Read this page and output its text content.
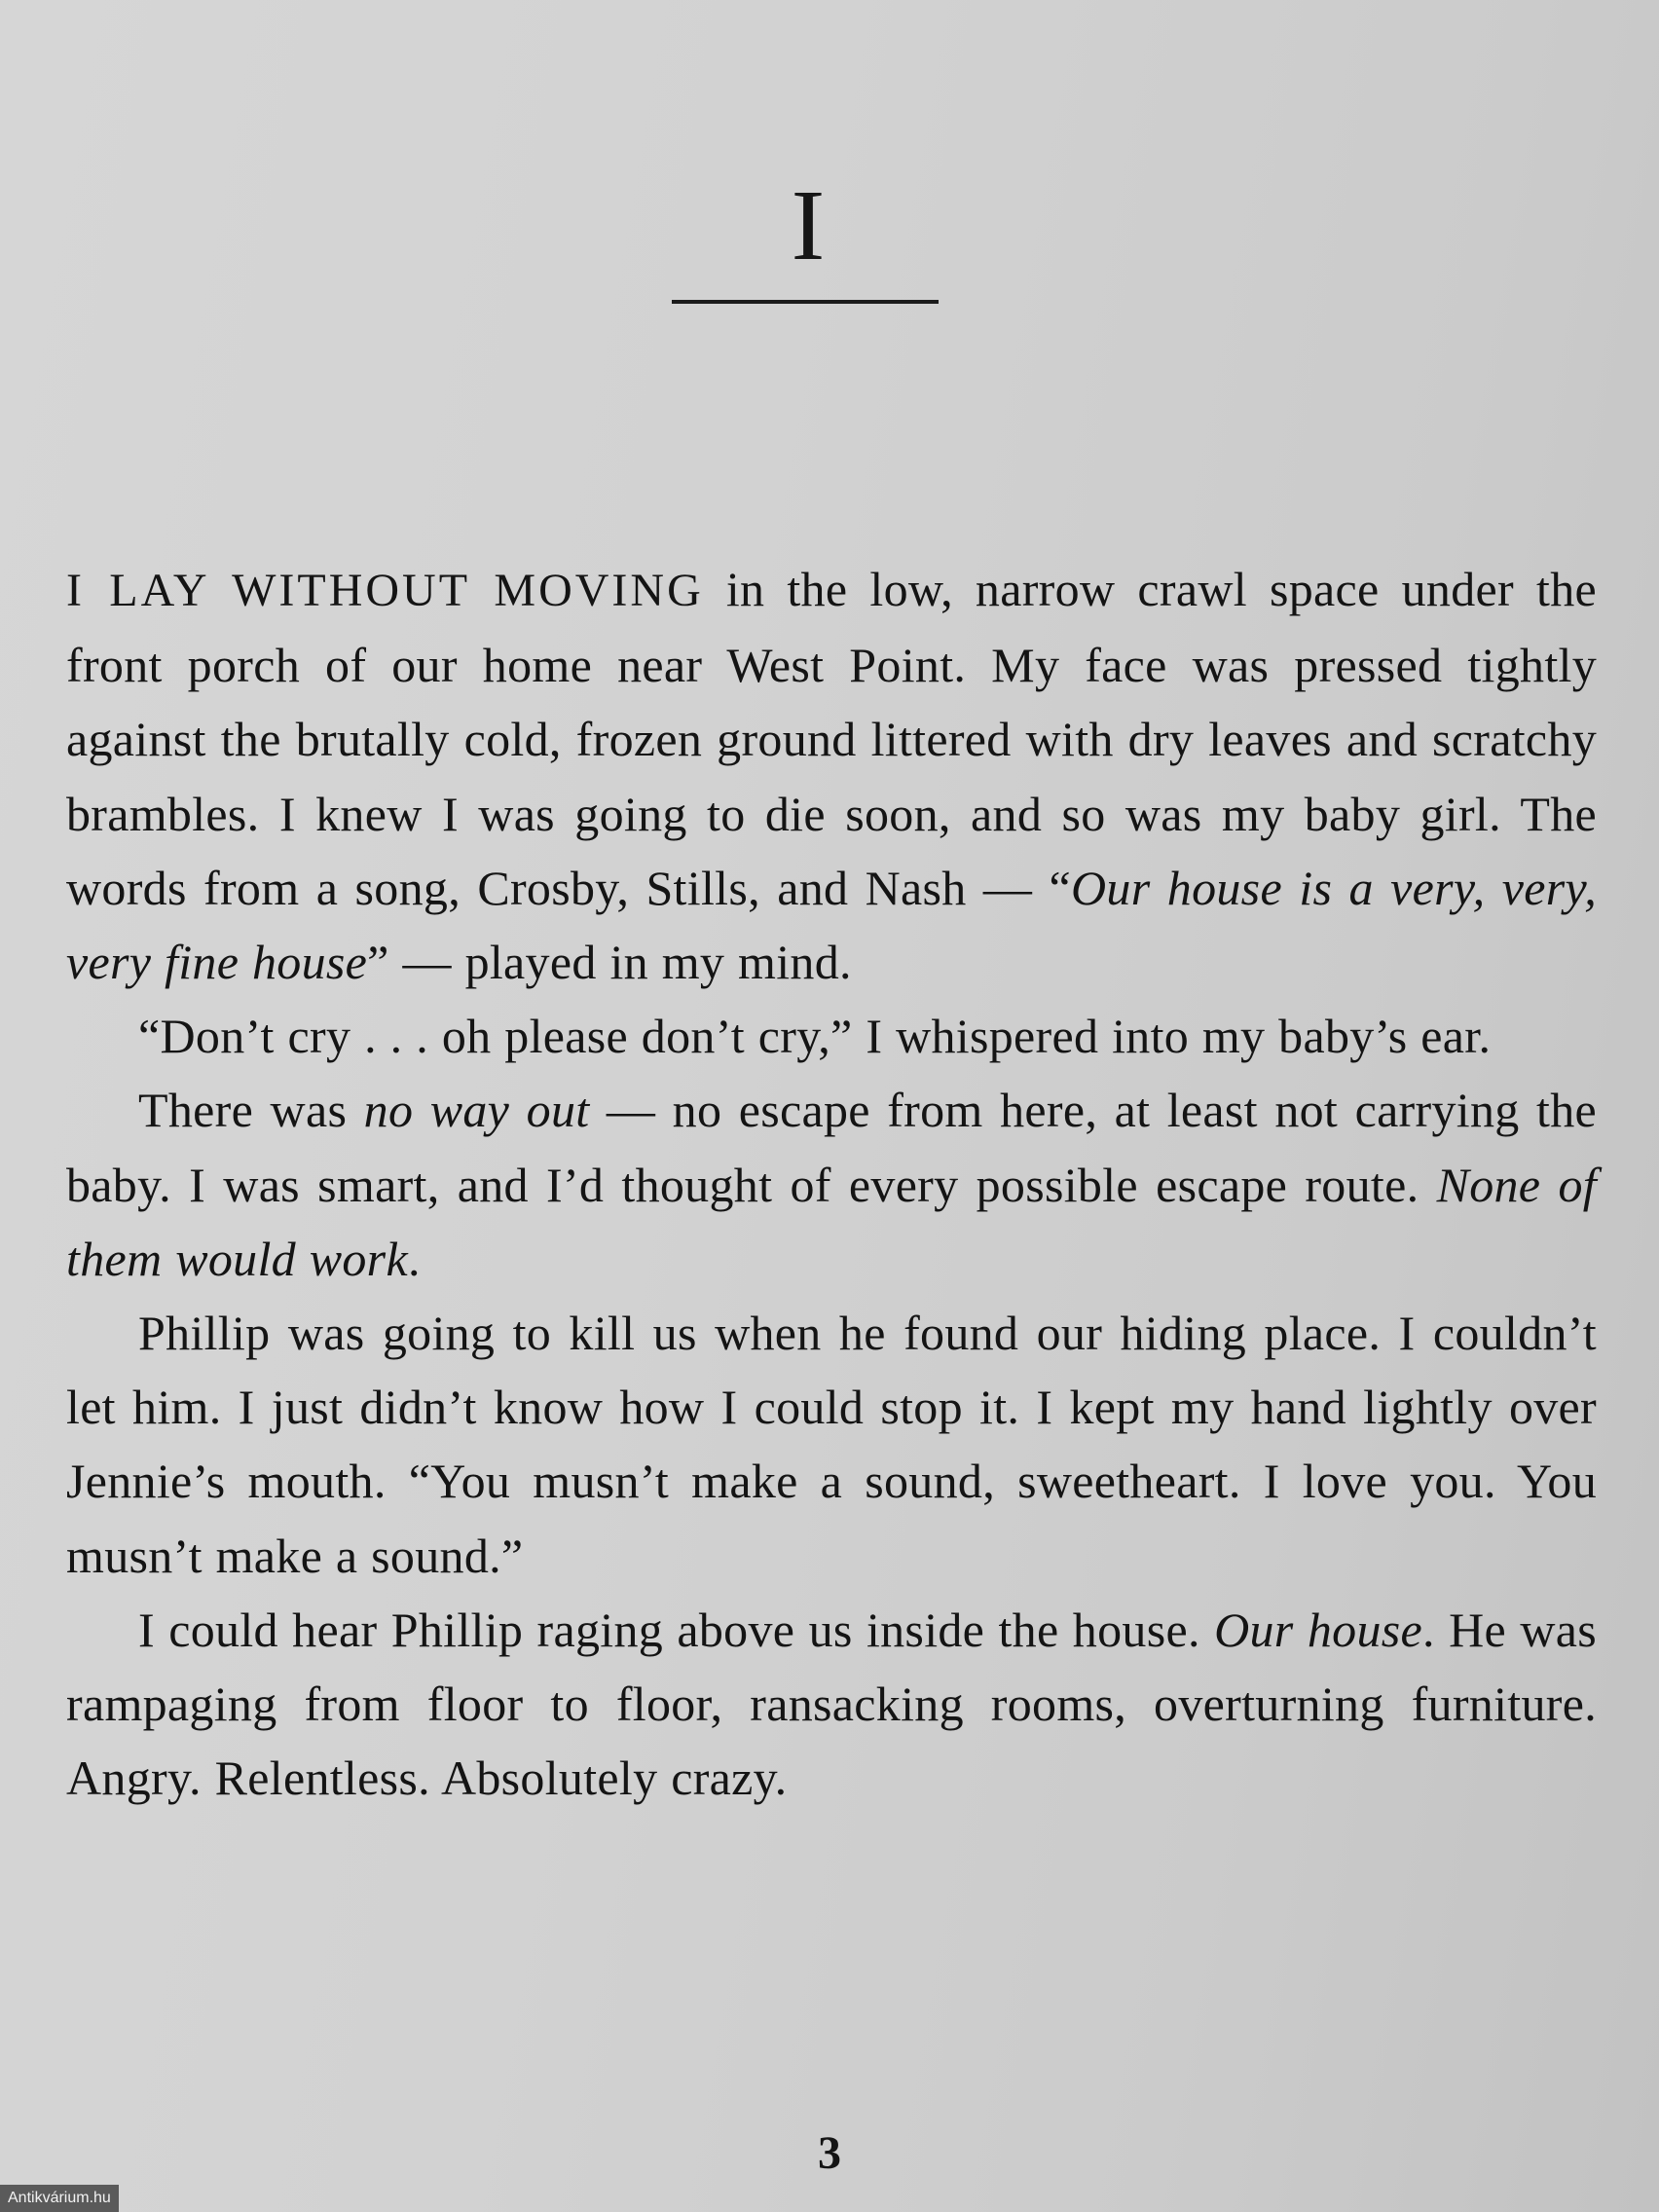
I

I LAY WITHOUT MOVING in the low, narrow crawl space under the front porch of our home near West Point. My face was pressed tightly against the brutally cold, frozen ground littered with dry leaves and scratchy brambles. I knew I was going to die soon, and so was my baby girl. The words from a song, Crosby, Stills, and Nash — “Our house is a very, very, very fine house” — played in my mind.

“Don’t cry . . . oh please don’t cry,” I whispered into my baby’s ear.

There was no way out — no escape from here, at least not carrying the baby. I was smart, and I’d thought of every possible escape route. None of them would work.

Phillip was going to kill us when he found our hiding place. I couldn’t let him. I just didn’t know how I could stop it. I kept my hand lightly over Jennie’s mouth. “You musn’t make a sound, sweetheart. I love you. You musn’t make a sound.”

I could hear Phillip raging above us inside the house. Our house. He was rampaging from floor to floor, ransacking rooms, overturning furniture. Angry. Relentless. Absolutely crazy.

3
Antikvárium.hu
